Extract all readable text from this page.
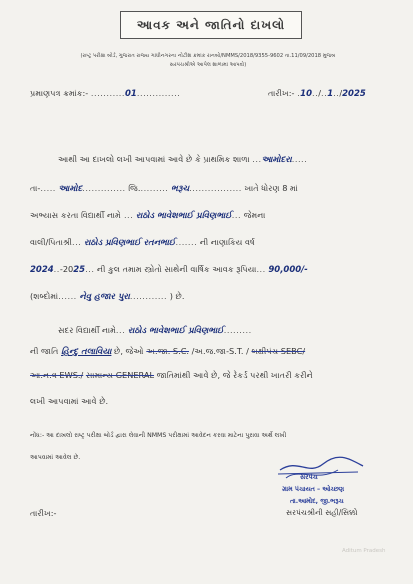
આવક અને જાતિનો દાખલો
(રાષ્ટ્ર પરીક્ષા બોર્ડ, ગુજરાત રાજ્ય ગાંધીનગરના નોટીશ ક્રમાંક રાનબો/NMMS/2018/9355-9602 તા.11/09/2018 મુજબ
સરપંચશ્રીએ આપેલ શાળામાં આપવો)
પ્રમાણપત્ર ક્રમાંક:- ...........01..............	તારીખ:- .10../..1../2025
આથી આ દાખલો લખી આપવામાં આવે છે કે પ્રાથમિક શાળા ...આમોદરા.....
તા-..... આમોદ.............. જિ.......... ભરૂચ................. ખાતે ધોરણ 8 માં
અભ્યાસ કરતા વિદ્યાર્થી નામે ... રાઠોડ ભાવેશભાઈ પ્રવિણભાઈ... જેમના
વાલી/પિતાશ્રી... રાઠોડ પ્રવિણભાઈ રતનભાઈ....... ની નાણાકિય વર્ષ
2024..-2025... ની કુલ તમામ સ્ત્રોતો સાથેની વાર્ષિક આવક રૂપિયા... 90,000/-
(શબ્દોમાં...... નેવુ હજાર પુરા............ ) છે.
સદર વિદ્યાર્થી નામે... રાઠોડ ભાવેશભાઈ પ્રવિણભાઈ.........
ની જાતિ હિન્દુ તલાવિયા છે, જેઓ અ.જા. S.C. /અ.જ.જા-S.T. / બક્ષીપંચ SEBC/
આ.ન.વ EWS./ સામાન્ય GENERAL જાતિમાંથી આવે છે, જે રેકર્ડ પરથી ખાતરી કરીને
લખી આપવામાં આવે છે.
નોંધ:- આ દાખલો રાષ્ટ્ર પરીક્ષા બોર્ડ દ્વારા લેવાની NMMS પરીક્ષામાં આવેદન કરવા માટેના પુરાવા અર્થે લખી
આપવામાં આવેલ છે.
સરપંચ
ગ્રામ પંચાયત – ઓચ્છણ
તા.આમોદ, જી.ભરૂચ
તારીખ:-	સરપંચશ્રીની સહી/સિક્કો
Aditum Pradesh
